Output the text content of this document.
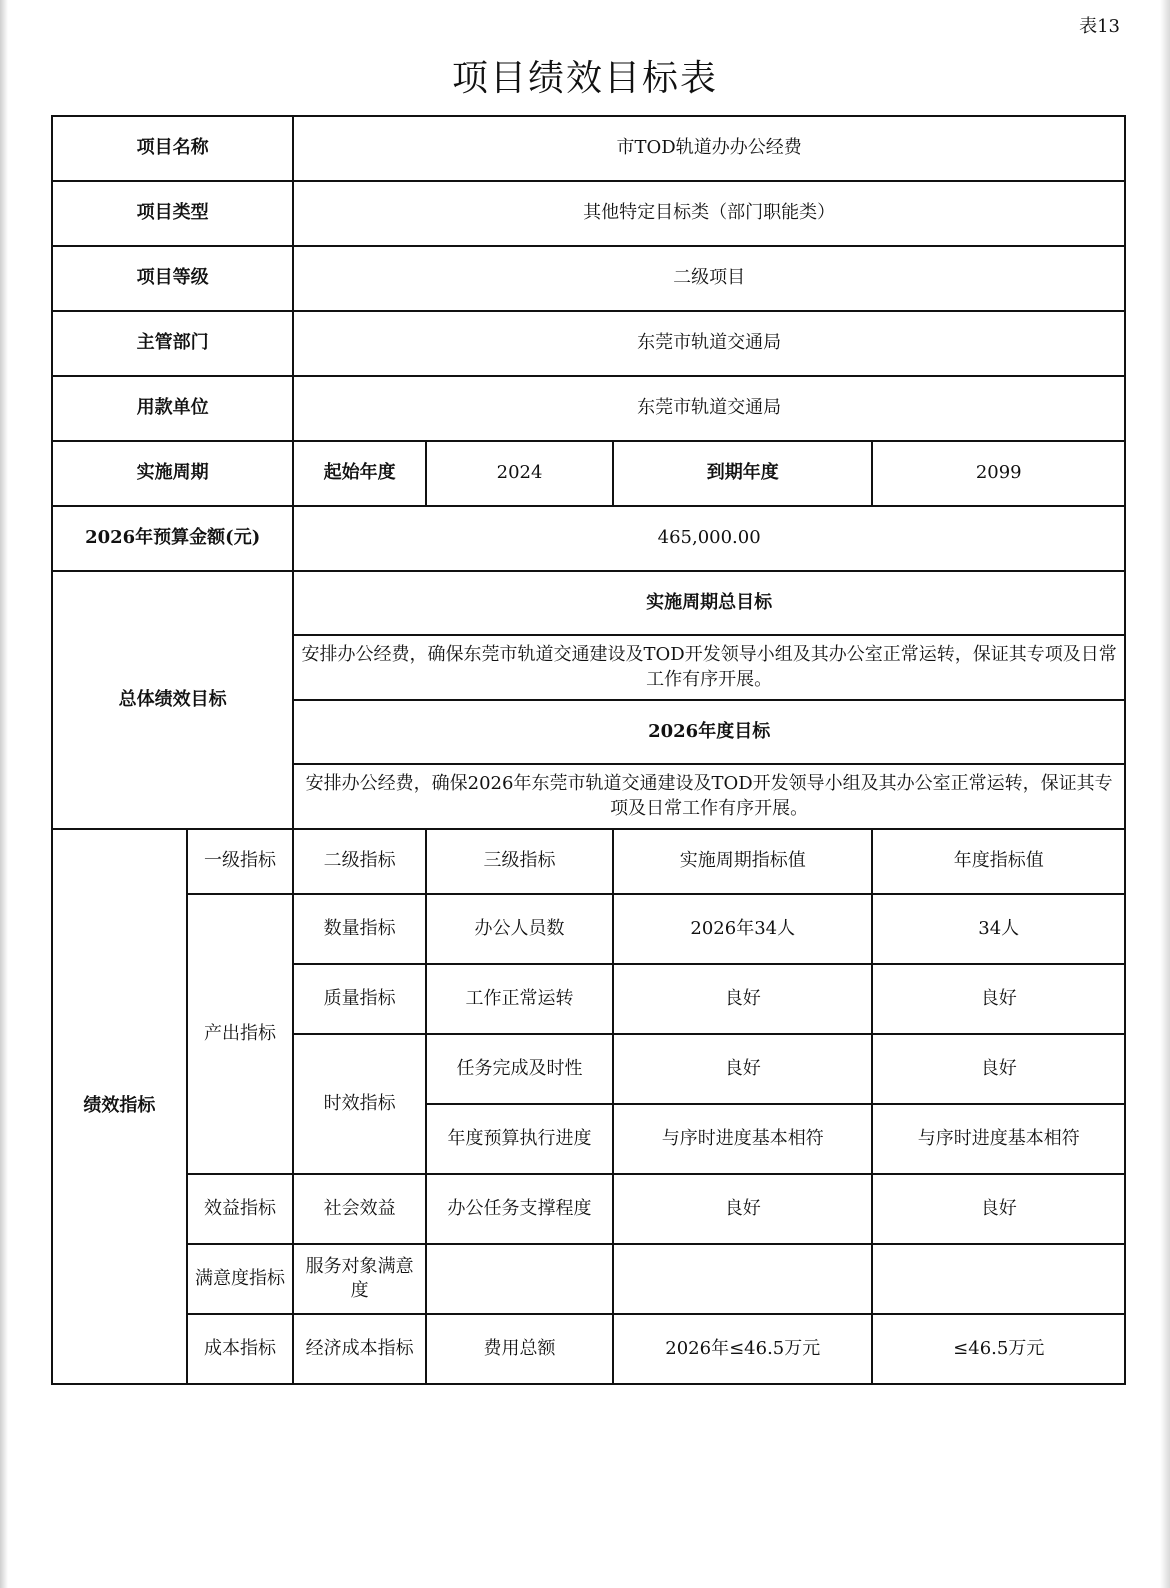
表13
项目绩效目标表
项目名称		市TOD轨道办办公经费			
项目类型		其他特定目标类（部门职能类）			
项目等级		二级项目			
主管部门		东莞市轨道交通局			
用款单位		东莞市轨道交通局			
实施周期		起始年度	2024	到期年度	2099
2026年预算金额(元)		465,000.00			
总体绩效目标		实施周期总目标			
		安排办公经费，确保东莞市轨道交通建设及TOD开发领导小组及其办公室正常运转，保证其专项及日常工作有序开展。			
		2026年度目标			
		安排办公经费，确保2026年东莞市轨道交通建设及TOD开发领导小组及其办公室正常运转，保证其专项及日常工作有序开展。			
绩效指标	一级指标	二级指标	三级指标	实施周期指标值	年度指标值
	产出指标	数量指标	办公人员数	2026年34人	34人
		质量指标	工作正常运转	良好	良好
		时效指标	任务完成及时性	良好	良好
			年度预算执行进度	与序时进度基本相符	与序时进度基本相符
	效益指标	社会效益	办公任务支撑程度	良好	良好
	满意度指标	服务对象满意度			
	成本指标	经济成本指标	费用总额	2026年≤46.5万元	≤46.5万元
